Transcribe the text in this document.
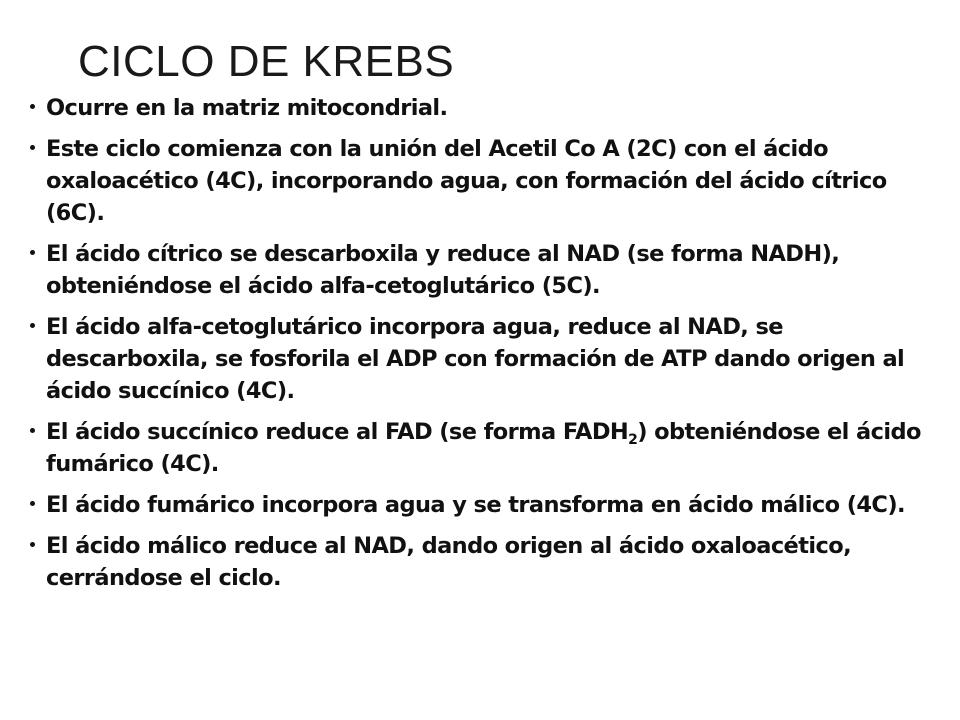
CICLO DE KREBS
Ocurre en la matriz mitocondrial.
Este ciclo comienza con la unión del Acetil Co A (2C) con el ácido oxaloacético (4C), incorporando agua, con formación del ácido cítrico (6C).
El ácido cítrico se descarboxila y reduce al NAD (se forma NADH), obteniéndose el ácido alfa-cetoglutárico (5C).
El ácido alfa-cetoglutárico incorpora agua, reduce al NAD, se descarboxila, se fosforila el ADP con formación de ATP dando origen al ácido succínico (4C).
El ácido succínico reduce al FAD (se forma $FADH_2$) obteniéndose el ácido fumárico (4C).
El ácido fumárico incorpora agua y se transforma en ácido málico (4C).
El ácido málico reduce al NAD, dando origen al ácido oxaloacético, cerrándose el ciclo.
